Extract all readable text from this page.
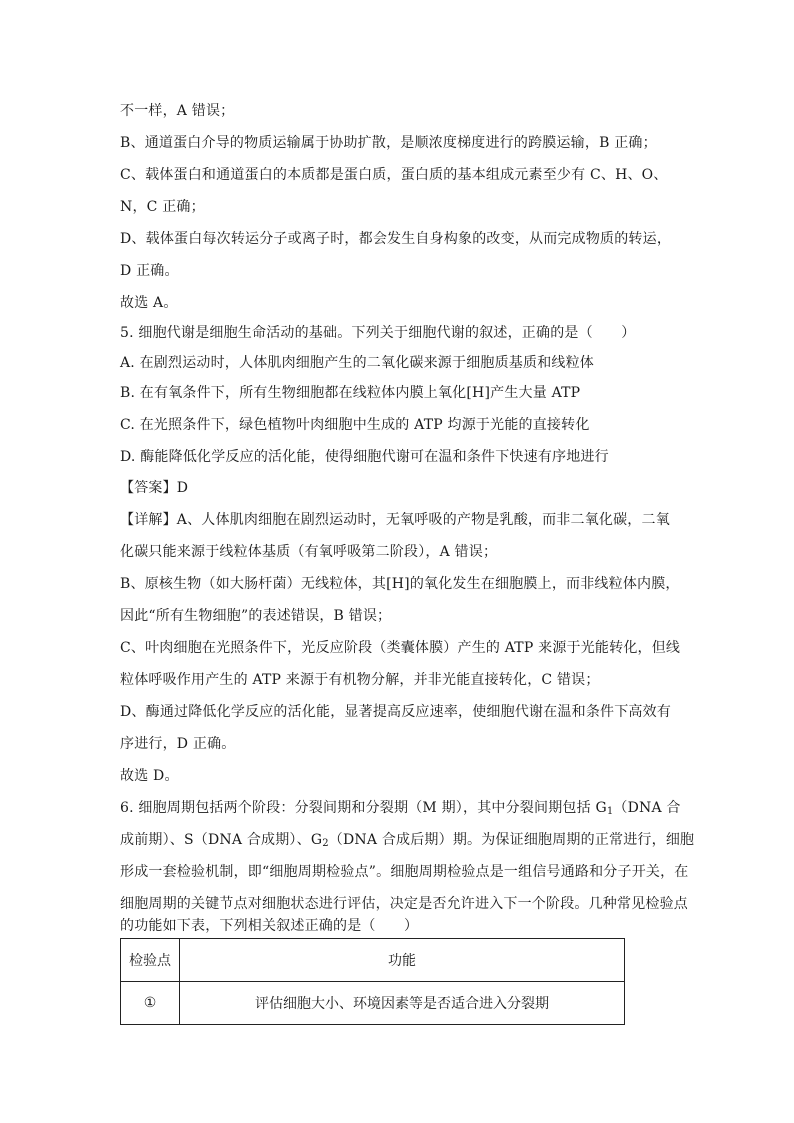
不一样，A 错误；
B、通道蛋白介导的物质运输属于协助扩散，是顺浓度梯度进行的跨膜运输，B 正确；
C、载体蛋白和通道蛋白的本质都是蛋白质，蛋白质的基本组成元素至少有 C、H、O、
N，C 正确；
D、载体蛋白每次转运分子或离子时，都会发生自身构象的改变，从而完成物质的转运，
D 正确。
故选 A。
5. 细胞代谢是细胞生命活动的基础。下列关于细胞代谢的叙述，正确的是（　　）
A. 在剧烈运动时，人体肌肉细胞产生的二氧化碳来源于细胞质基质和线粒体
B. 在有氧条件下，所有生物细胞都在线粒体内膜上氧化[H]产生大量 ATP
C. 在光照条件下，绿色植物叶肉细胞中生成的 ATP 均源于光能的直接转化
D. 酶能降低化学反应的活化能，使得细胞代谢可在温和条件下快速有序地进行
【答案】D
【详解】A、人体肌肉细胞在剧烈运动时，无氧呼吸的产物是乳酸，而非二氧化碳，二氧
化碳只能来源于线粒体基质（有氧呼吸第二阶段），A 错误；
B、原核生物（如大肠杆菌）无线粒体，其[H]的氧化发生在细胞膜上，而非线粒体内膜，
因此“所有生物细胞”的表述错误，B 错误；
C、叶肉细胞在光照条件下，光反应阶段（类囊体膜）产生的 ATP 来源于光能转化，但线
粒体呼吸作用产生的 ATP 来源于有机物分解，并非光能直接转化，C 错误；
D、酶通过降低化学反应的活化能，显著提高反应速率，使细胞代谢在温和条件下高效有
序进行，D 正确。
故选 D。
6. 细胞周期包括两个阶段：分裂间期和分裂期（M 期），其中分裂间期包括 $G_1(DNA$ 合
成前期）、S（DNA 合成期）、$G_2(DNA$ 合成后期）期。为保证细胞周期的正常进行，细胞
形成一套检验机制，即“细胞周期检验点”。细胞周期检验点是一组信号通路和分子开关，在
细胞周期的关键节点对细胞状态进行评估，决定是否允许进入下一个阶段。几种常见检验点
的功能如下表，下列相关叙述正确的是（　　）
检验点	功能
①	评估细胞大小、环境因素等是否适合进入分裂期
